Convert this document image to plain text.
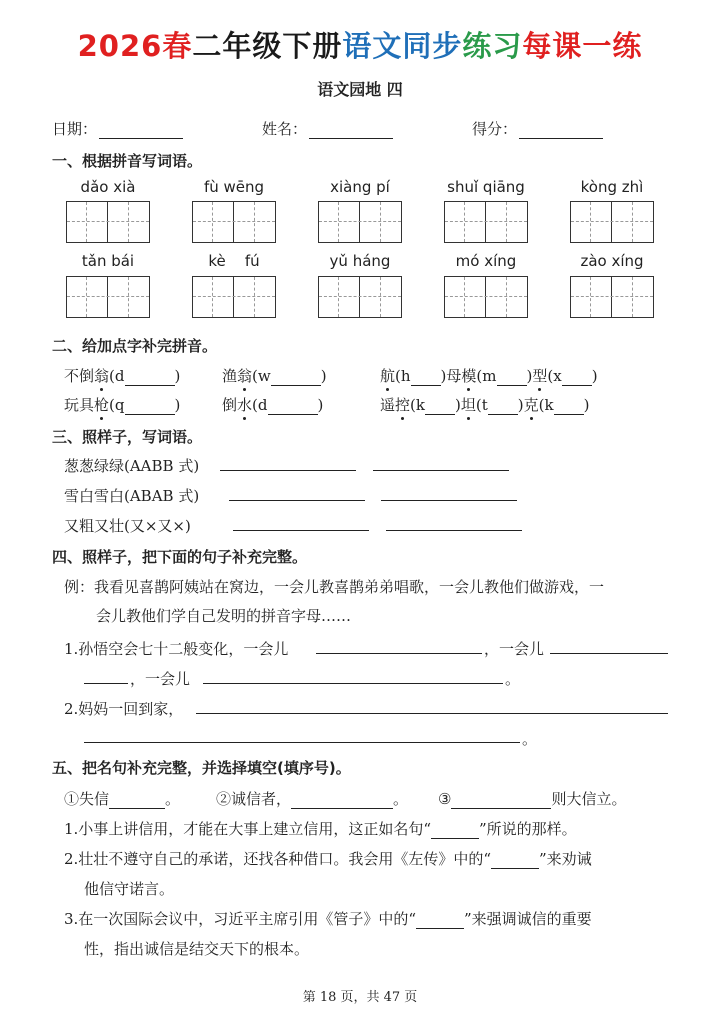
2026春二年级下册语文同步练习每课一练
语文园地 四
日期：	姓名：	得分：
一、根据拼音写词语。
dǎo xià	fù wēng	xiàng pí	shuǐ qiāng	kòng zhì
tǎn bái	kè    fú	yǔ háng	mó xíng	zào xíng
二、给加点字补完拼音。
不倒翁(d	)	渔翁(w	)	航(h )母模(m )型(x )
玩具枪(q	)	倒水(d	)	遥控(k )坦(t )克(k )
三、照样子，写词语。
葱葱绿绿(AABB 式)
雪白雪白(ABAB 式)
又粗又壮(又×又×)
四、照样子，把下面的句子补充完整。
例：我看见喜鹊阿姨站在窝边，一会儿教喜鹊弟弟唱歌，一会儿教他们做游戏，一
会儿教他们学自己发明的拼音字母……
1.孙悟空会七十二般变化，一会儿	，一会儿
，一会儿	。
2.妈妈一回到家，
。
五、把名句补充完整，并选择填空(填序号)。
①失信	。 ②诚信者，	。 ③	则大信立。
1.小事上讲信用，才能在大事上建立信用，这正如名句“	”所说的那样。
2.壮壮不遵守自己的承诺，还找各种借口。我会用《左传》中的“	”来劝诫
他信守诺言。
3.在一次国际会议中，习近平主席引用《管子》中的“	”来强调诚信的重要
性，指出诚信是结交天下的根本。
第 18 页，共 47 页
